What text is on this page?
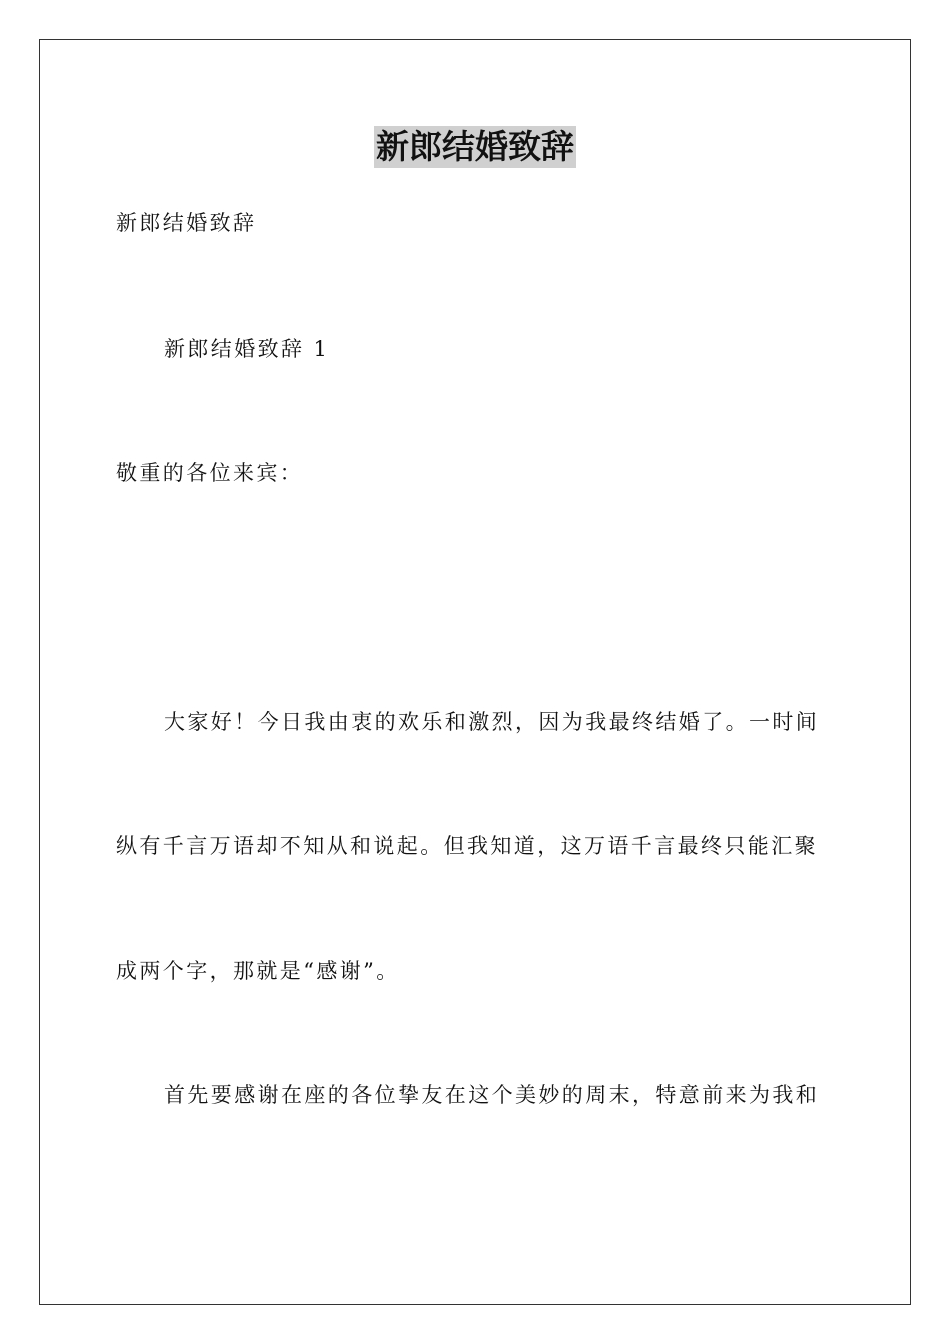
新郎结婚致辞
新郎结婚致辞
新郎结婚致辞 1
敬重的各位来宾：
大家好！今日我由衷的欢乐和激烈，因为我最终结婚了。一时间
纵有千言万语却不知从和说起。但我知道，这万语千言最终只能汇聚
成两个字，那就是“感谢”。
首先要感谢在座的各位挚友在这个美妙的周末，特意前来为我和
